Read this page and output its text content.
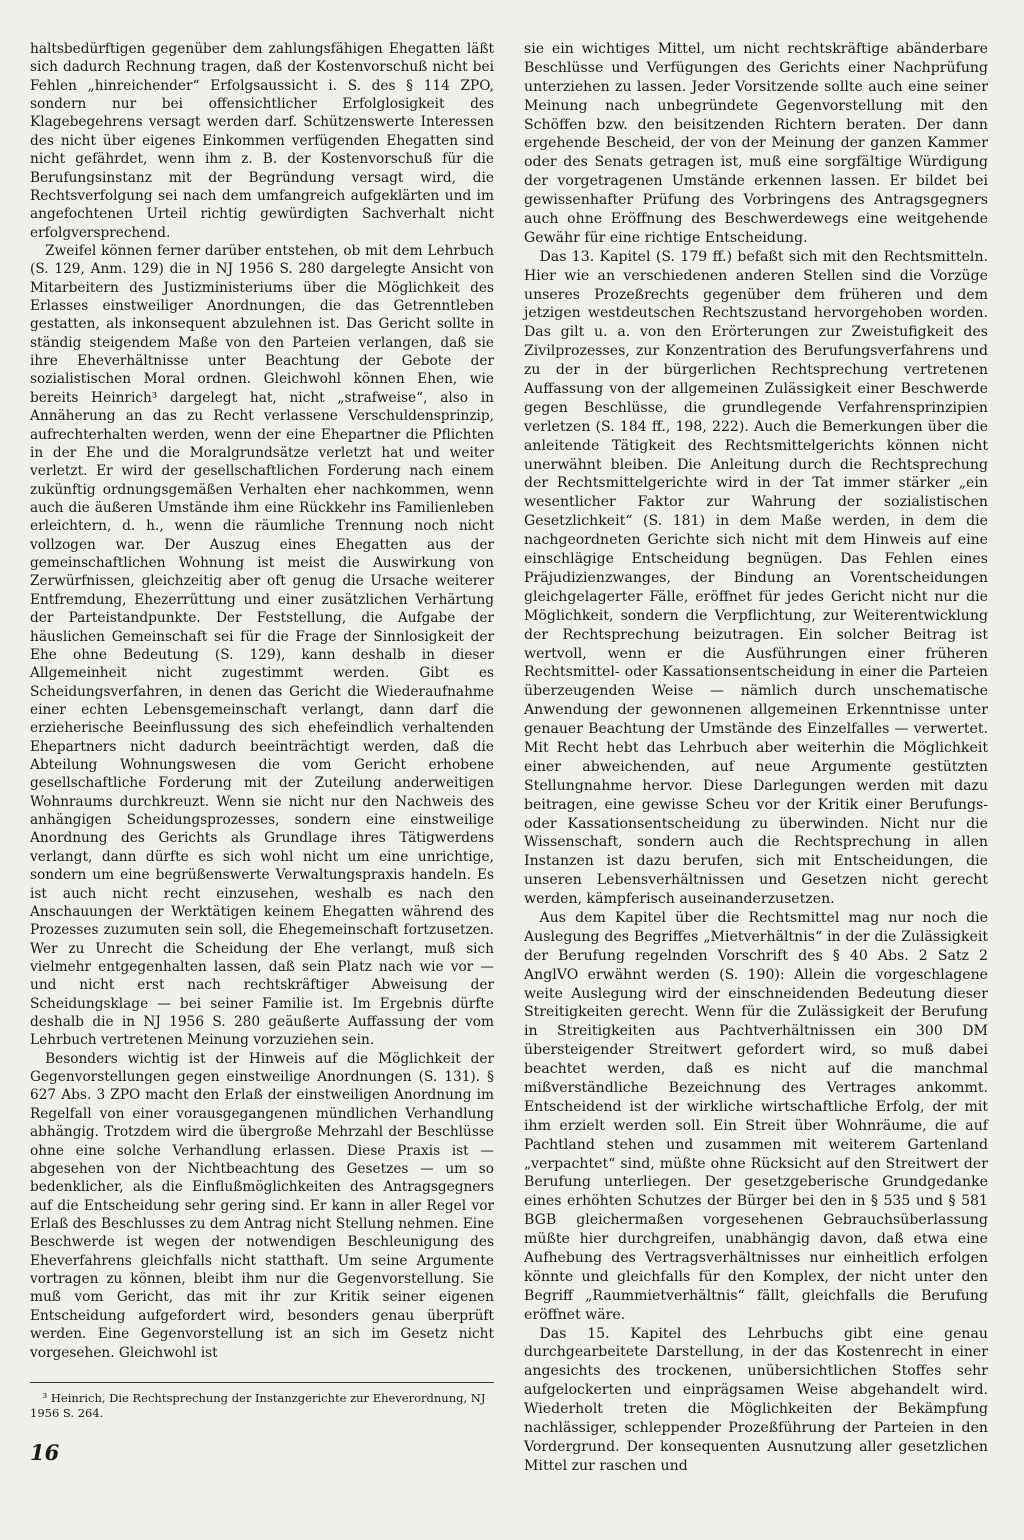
haltsbedürftigen gegenüber dem zahlungsfähigen Ehegatten läßt sich dadurch Rechnung tragen, daß der Kostenvorschuß nicht bei Fehlen „hinreichender“ Erfolgsaussicht i. S. des § 114 ZPO, sondern nur bei offensichtlicher Erfolglosigkeit des Klagebegehrens versagt werden darf. Schützenswerte Interessen des nicht über eigenes Einkommen verfügenden Ehegatten sind nicht gefährdet, wenn ihm z. B. der Kostenvorschuß für die Berufungsinstanz mit der Begründung versagt wird, die Rechtsverfolgung sei nach dem umfangreich aufgeklärten und im angefochtenen Urteil richtig gewürdigten Sachverhalt nicht erfolgversprechend.

Zweifel können ferner darüber entstehen, ob mit dem Lehrbuch (S. 129, Anm. 129) die in NJ 1956 S. 280 dargelegte Ansicht von Mitarbeitern des Justizministeriums über die Möglichkeit des Erlasses einstweiliger Anordnungen, die das Getrenntleben gestatten, als inkonsequent abzulehnen ist. Das Gericht sollte in ständig steigendem Maße von den Parteien verlangen, daß sie ihre Eheverhältnisse unter Beachtung der Gebote der sozialistischen Moral ordnen. Gleichwohl können Ehen, wie bereits Heinrich³ dargelegt hat, nicht „strafweise“, also in Annäherung an das zu Recht verlassene Verschuldensprinzip, aufrechterhalten werden, wenn der eine Ehepartner die Pflichten in der Ehe und die Moralgrundsätze verletzt hat und weiter verletzt. Er wird der gesellschaftlichen Forderung nach einem zukünftig ordnungsgemäßen Verhalten eher nachkommen, wenn auch die äußeren Umstände ihm eine Rückkehr ins Familienleben erleichtern, d. h., wenn die räumliche Trennung noch nicht vollzogen war. Der Auszug eines Ehegatten aus der gemeinschaftlichen Wohnung ist meist die Auswirkung von Zerwürfnissen, gleichzeitig aber oft genug die Ursache weiterer Entfremdung, Ehezerrüttung und einer zusätzlichen Verhärtung der Parteistandpunkte. Der Feststellung, die Aufgabe der häuslichen Gemeinschaft sei für die Frage der Sinnlosigkeit der Ehe ohne Bedeutung (S. 129), kann deshalb in dieser Allgemeinheit nicht zugestimmt werden. Gibt es Scheidungsverfahren, in denen das Gericht die Wiederaufnahme einer echten Lebensgemeinschaft verlangt, dann darf die erzieherische Beeinflussung des sich ehefeindlich verhaltenden Ehepartners nicht dadurch beeinträchtigt werden, daß die Abteilung Wohnungswesen die vom Gericht erhobene gesellschaftliche Forderung mit der Zuteilung anderweitigen Wohnraums durchkreuzt. Wenn sie nicht nur den Nachweis des anhängigen Scheidungsprozesses, sondern eine einstweilige Anordnung des Gerichts als Grundlage ihres Tätigwerdens verlangt, dann dürfte es sich wohl nicht um eine unrichtige, sondern um eine begrüßenswerte Verwaltungspraxis handeln. Es ist auch nicht recht einzusehen, weshalb es nach den Anschauungen der Werktätigen keinem Ehegatten während des Prozesses zuzumuten sein soll, die Ehegemeinschaft fortzusetzen. Wer zu Unrecht die Scheidung der Ehe verlangt, muß sich vielmehr entgegenhalten lassen, daß sein Platz nach wie vor — und nicht erst nach rechtskräftiger Abweisung der Scheidungsklage — bei seiner Familie ist. Im Ergebnis dürfte deshalb die in NJ 1956 S. 280 geäußerte Auffassung der vom Lehrbuch vertretenen Meinung vorzuziehen sein.

Besonders wichtig ist der Hinweis auf die Möglichkeit der Gegenvorstellungen gegen einstweilige Anordnungen (S. 131). § 627 Abs. 3 ZPO macht den Erlaß der einstweiligen Anordnung im Regelfall von einer vorausgegangenen mündlichen Verhandlung abhängig. Trotzdem wird die übergroße Mehrzahl der Beschlüsse ohne eine solche Verhandlung erlassen. Diese Praxis ist — abgesehen von der Nichtbeachtung des Gesetzes — um so bedenklicher, als die Einflußmöglichkeiten des Antragsgegners auf die Entscheidung sehr gering sind. Er kann in aller Regel vor Erlaß des Beschlusses zu dem Antrag nicht Stellung nehmen. Eine Beschwerde ist wegen der notwendigen Beschleunigung des Eheverfahrens gleichfalls nicht statthaft. Um seine Argumente vortragen zu können, bleibt ihm nur die Gegenvorstellung. Sie muß vom Gericht, das mit ihr zur Kritik seiner eigenen Entscheidung aufgefordert wird, besonders genau überprüft werden. Eine Gegenvorstellung ist an sich im Gesetz nicht vorgesehen. Gleichwohl ist

sie ein wichtiges Mittel, um nicht rechtskräftige abänderbare Beschlüsse und Verfügungen des Gerichts einer Nachprüfung unterziehen zu lassen. Jeder Vorsitzende sollte auch eine seiner Meinung nach unbegründete Gegenvorstellung mit den Schöffen bzw. den beisitzenden Richtern beraten. Der dann ergehende Bescheid, der von der Meinung der ganzen Kammer oder des Senats getragen ist, muß eine sorgfältige Würdigung der vorgetragenen Umstände erkennen lassen. Er bildet bei gewissenhafter Prüfung des Vorbringens des Antragsgegners auch ohne Eröffnung des Beschwerdewegs eine weitgehende Gewähr für eine richtige Entscheidung.

Das 13. Kapitel (S. 179 ff.) befaßt sich mit den Rechtsmitteln. Hier wie an verschiedenen anderen Stellen sind die Vorzüge unseres Prozeßrechts gegenüber dem früheren und dem jetzigen westdeutschen Rechtszustand hervorgehoben worden. Das gilt u. a. von den Erörterungen zur Zweistufigkeit des Zivilprozesses, zur Konzentration des Berufungsverfahrens und zu der in der bürgerlichen Rechtsprechung vertretenen Auffassung von der allgemeinen Zulässigkeit einer Beschwerde gegen Beschlüsse, die grundlegende Verfahrensprinzipien verletzen (S. 184 ff., 198, 222). Auch die Bemerkungen über die anleitende Tätigkeit des Rechtsmittelgerichts können nicht unerwähnt bleiben. Die Anleitung durch die Rechtsprechung der Rechtsmittelgerichte wird in der Tat immer stärker „ein wesentlicher Faktor zur Wahrung der sozialistischen Gesetzlichkeit“ (S. 181) in dem Maße werden, in dem die nachgeordneten Gerichte sich nicht mit dem Hinweis auf eine einschlägige Entscheidung begnügen. Das Fehlen eines Präjudizienzwanges, der Bindung an Vorentscheidungen gleichgelagerter Fälle, eröffnet für jedes Gericht nicht nur die Möglichkeit, sondern die Verpflichtung, zur Weiterentwicklung der Rechtsprechung beizutragen. Ein solcher Beitrag ist wertvoll, wenn er die Ausführungen einer früheren Rechtsmittel- oder Kassationsentscheidung in einer die Parteien überzeugenden Weise — nämlich durch unschematische Anwendung der gewonnenen allgemeinen Erkenntnisse unter genauer Beachtung der Umstände des Einzelfalles — verwertet. Mit Recht hebt das Lehrbuch aber weiterhin die Möglichkeit einer abweichenden, auf neue Argumente gestützten Stellungnahme hervor. Diese Darlegungen werden mit dazu beitragen, eine gewisse Scheu vor der Kritik einer Berufungs- oder Kassationsentscheidung zu überwinden. Nicht nur die Wissenschaft, sondern auch die Rechtsprechung in allen Instanzen ist dazu berufen, sich mit Entscheidungen, die unseren Lebensverhältnissen und Gesetzen nicht gerecht werden, kämpferisch auseinanderzusetzen.

Aus dem Kapitel über die Rechtsmittel mag nur noch die Auslegung des Begriffes „Mietverhältnis“ in der die Zulässigkeit der Berufung regelnden Vorschrift des § 40 Abs. 2 Satz 2 AnglVO erwähnt werden (S. 190): Allein die vorgeschlagene weite Auslegung wird der einschneidenden Bedeutung dieser Streitigkeiten gerecht. Wenn für die Zulässigkeit der Berufung in Streitigkeiten aus Pachtverhältnissen ein 300 DM übersteigender Streitwert gefordert wird, so muß dabei beachtet werden, daß es nicht auf die manchmal mißverständliche Bezeichnung des Vertrages ankommt. Entscheidend ist der wirkliche wirtschaftliche Erfolg, der mit ihm erzielt werden soll. Ein Streit über Wohnräume, die auf Pachtland stehen und zusammen mit weiterem Gartenland „verpachtet“ sind, müßte ohne Rücksicht auf den Streitwert der Berufung unterliegen. Der gesetzgeberische Grundgedanke eines erhöhten Schutzes der Bürger bei den in § 535 und § 581 BGB gleichermaßen vorgesehenen Gebrauchsüberlassung müßte hier durchgreifen, unabhängig davon, daß etwa eine Aufhebung des Vertragsverhältnisses nur einheitlich erfolgen könnte und gleichfalls für den Komplex, der nicht unter den Begriff „Raummietverhältnis“ fällt, gleichfalls die Berufung eröffnet wäre.

Das 15. Kapitel des Lehrbuchs gibt eine genau durchgearbeitete Darstellung, in der das Kostenrecht in einer angesichts des trockenen, unübersichtlichen Stoffes sehr aufgelockerten und einprägsamen Weise abgehandelt wird. Wiederholt treten die Möglichkeiten der Bekämpfung nachlässiger, schleppender Prozeßführung der Parteien in den Vordergrund. Der konsequenten Ausnutzung aller gesetzlichen Mittel zur raschen und

³ Heinrich, Die Rechtsprechung der Instanzgerichte zur Eheverordnung, NJ 1956 S. 264.

16
